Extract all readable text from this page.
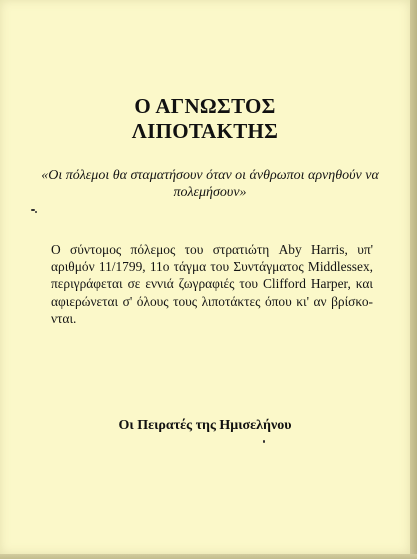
Ο ΑΓΝΩΣΤΟΣ
ΛΙΠΟΤΑΚΤΗΣ

«Οι πόλεμοι θα σταματήσουν όταν οι άνθρωποι αρνηθούν να πολεμήσουν»

Ο σύντομος πόλεμος του στρατιώτη Aby Harris, υπ' αριθμόν 11/1799, 11ο τάγμα του Συντάγματος Middlessex, περιγράφεται σε εννιά ζωγραφιές του Clifford Harper, και αφιερώνεται σ' όλους τους λιποτάκτες όπου κι' αν βρίσκο-νται.

Οι Πειρατές της Ημισελήνου
